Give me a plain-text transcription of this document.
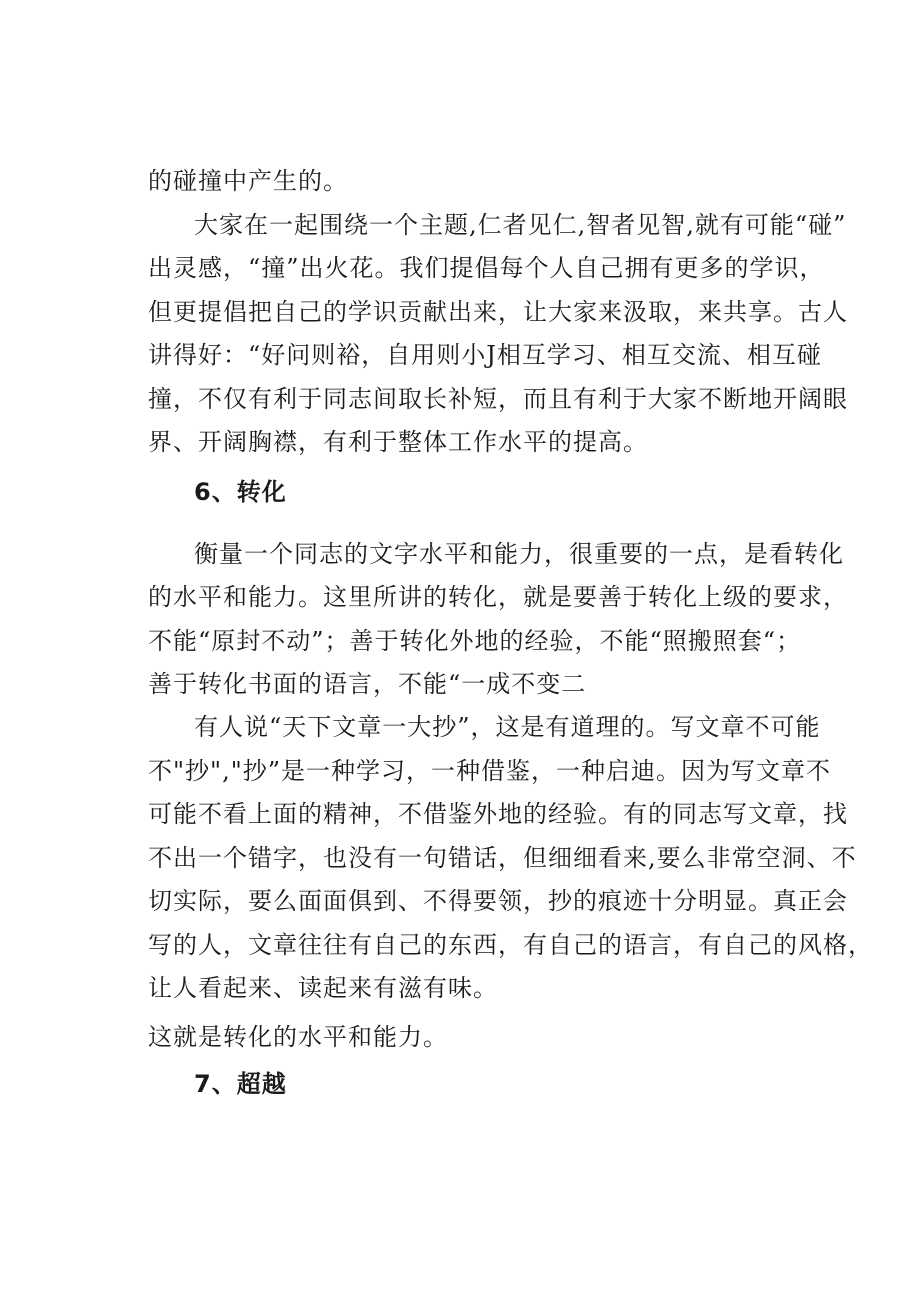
的碰撞中产生的。
大家在一起围绕一个主题,仁者见仁,智者见智,就有可能“碰”
出灵感，“撞”出火花。我们提倡每个人自己拥有更多的学识，
但更提倡把自己的学识贡献出来，让大家来汲取，来共享。古人
讲得好：“好问则裕，自用则小J相互学习、相互交流、相互碰
撞，不仅有利于同志间取长补短，而且有利于大家不断地开阔眼
界、开阔胸襟，有利于整体工作水平的提高。
6、转化
衡量一个同志的文字水平和能力，很重要的一点，是看转化
的水平和能力。这里所讲的转化，就是要善于转化上级的要求，
不能“原封不动”；善于转化外地的经验，不能“照搬照套“；
善于转化书面的语言，不能“一成不变二
有人说“天下文章一大抄”，这是有道理的。写文章不可能
不"抄","抄”是一种学习，一种借鉴，一种启迪。因为写文章不
可能不看上面的精神，不借鉴外地的经验。有的同志写文章，找
不出一个错字，也没有一句错话，但细细看来,要么非常空洞、不
切实际，要么面面俱到、不得要领，抄的痕迹十分明显。真正会
写的人，文章往往有自己的东西，有自己的语言，有自己的风格，
让人看起来、读起来有滋有味。
这就是转化的水平和能力。
7、超越
